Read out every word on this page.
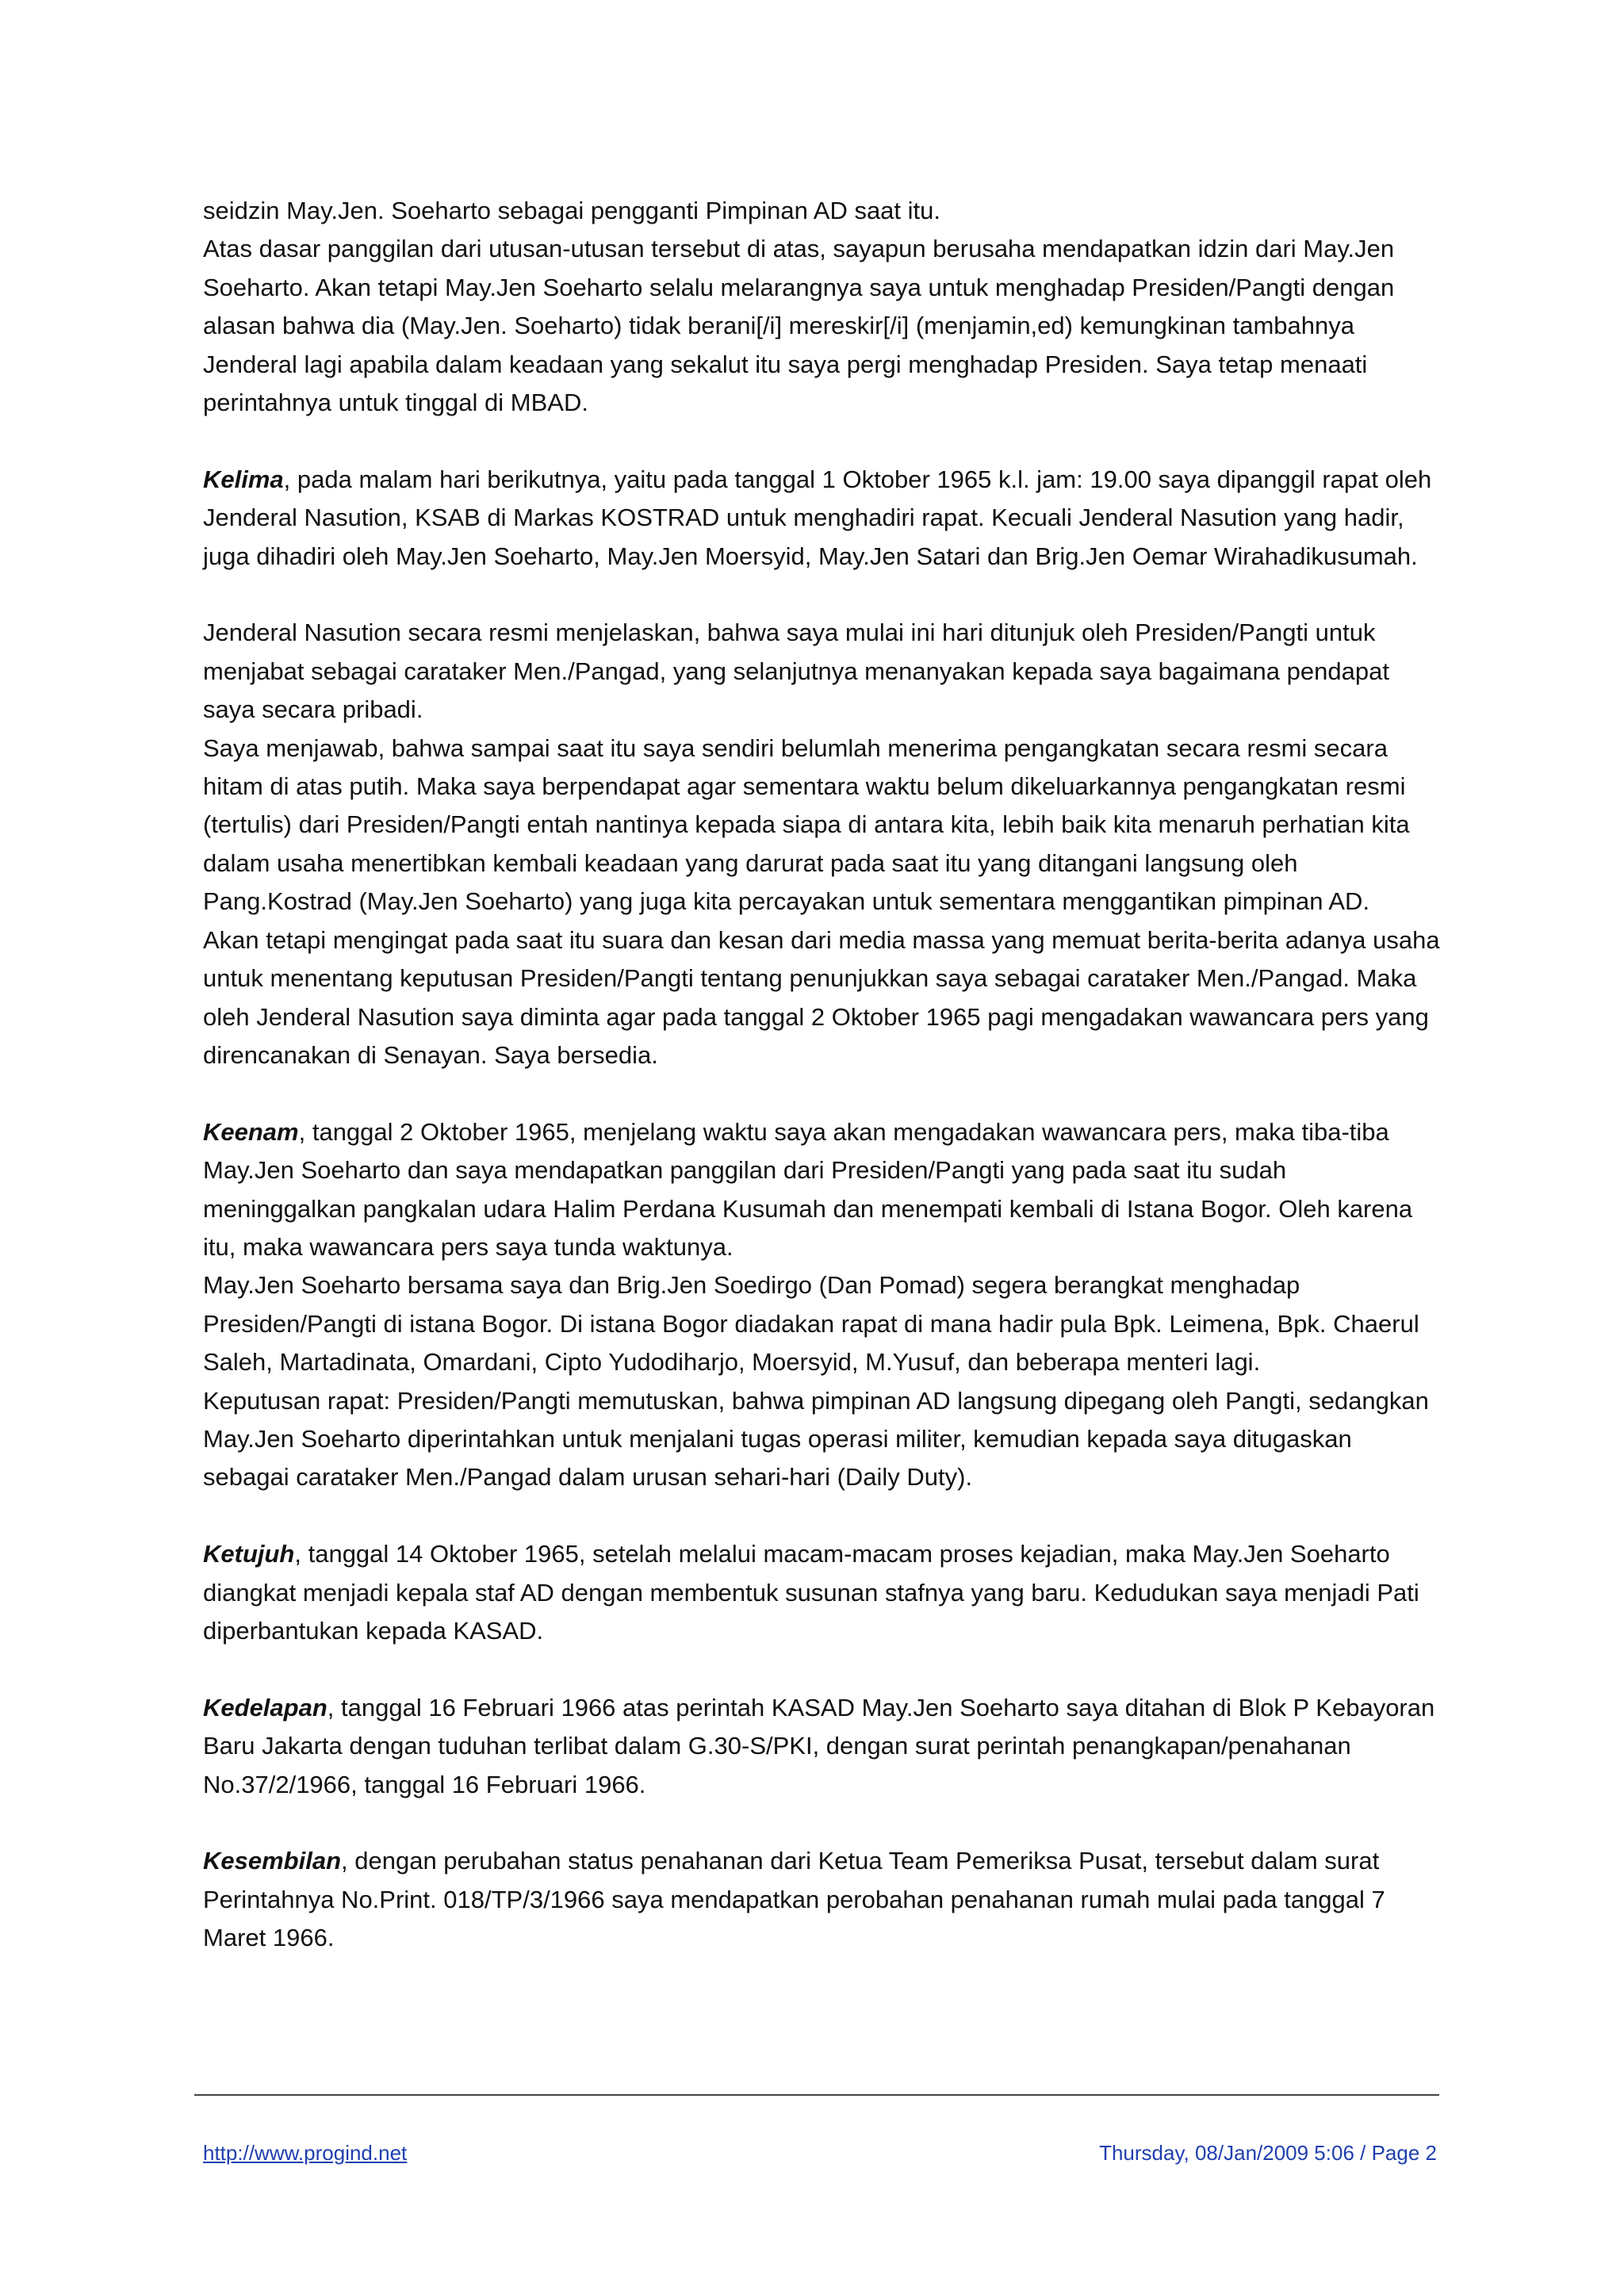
seidzin May.Jen. Soeharto sebagai pengganti Pimpinan AD saat itu.

Atas dasar panggilan dari utusan-utusan tersebut di atas, sayapun berusaha mendapatkan idzin dari May.Jen Soeharto. Akan tetapi May.Jen Soeharto selalu melarangnya saya untuk menghadap Presiden/Pangti dengan alasan bahwa dia (May.Jen. Soeharto) tidak berani[/i] mereskir[/i] (menjamin,ed) kemungkinan tambahnya Jenderal lagi apabila dalam keadaan yang sekalut itu saya pergi menghadap Presiden. Saya tetap menaati perintahnya untuk tinggal di MBAD.

Kelima, pada malam hari berikutnya, yaitu pada tanggal 1 Oktober 1965 k.l. jam: 19.00 saya dipanggil rapat oleh Jenderal Nasution, KSAB di Markas KOSTRAD untuk menghadiri rapat. Kecuali Jenderal Nasution yang hadir, juga dihadiri oleh May.Jen Soeharto, May.Jen Moersyid, May.Jen Satari dan Brig.Jen Oemar Wirahadikusumah.

Jenderal Nasution secara resmi menjelaskan, bahwa saya mulai ini hari ditunjuk oleh Presiden/Pangti untuk menjabat sebagai carataker Men./Pangad, yang selanjutnya menanyakan kepada saya bagaimana pendapat saya secara pribadi.

Saya menjawab, bahwa sampai saat itu saya sendiri belumlah menerima pengangkatan secara resmi secara hitam di atas putih. Maka saya berpendapat agar sementara waktu belum dikeluarkannya pengangkatan resmi (tertulis) dari Presiden/Pangti entah nantinya kepada siapa di antara kita, lebih baik kita menaruh perhatian kita dalam usaha menertibkan kembali keadaan yang darurat pada saat itu yang ditangani langsung oleh Pang.Kostrad (May.Jen Soeharto) yang juga kita percayakan untuk sementara menggantikan pimpinan AD.

Akan tetapi mengingat pada saat itu suara dan kesan dari media massa yang memuat berita-berita adanya usaha untuk menentang keputusan Presiden/Pangti tentang penunjukkan saya sebagai carataker Men./Pangad. Maka oleh Jenderal Nasution saya diminta agar pada tanggal 2 Oktober 1965 pagi mengadakan wawancara pers yang direncanakan di Senayan. Saya bersedia.

Keenam, tanggal 2 Oktober 1965, menjelang waktu saya akan mengadakan wawancara pers, maka tiba-tiba May.Jen Soeharto dan saya mendapatkan panggilan dari Presiden/Pangti yang pada saat itu sudah meninggalkan pangkalan udara Halim Perdana Kusumah dan menempati kembali di Istana Bogor. Oleh karena itu, maka wawancara pers saya tunda waktunya.

May.Jen Soeharto bersama saya dan Brig.Jen Soedirgo (Dan Pomad) segera berangkat menghadap Presiden/Pangti di istana Bogor. Di istana Bogor diadakan rapat di mana hadir pula Bpk. Leimena, Bpk. Chaerul Saleh, Martadinata, Omardani, Cipto Yudodiharjo, Moersyid, M.Yusuf, dan beberapa menteri lagi.

Keputusan rapat: Presiden/Pangti memutuskan, bahwa pimpinan AD langsung dipegang oleh Pangti, sedangkan May.Jen Soeharto diperintahkan untuk menjalani tugas operasi militer, kemudian kepada saya ditugaskan sebagai carataker Men./Pangad dalam urusan sehari-hari (Daily Duty).

Ketujuh, tanggal 14 Oktober 1965, setelah melalui macam-macam proses kejadian, maka May.Jen Soeharto diangkat menjadi kepala staf AD dengan membentuk susunan stafnya yang baru. Kedudukan saya menjadi Pati diperbantukan kepada KASAD.

Kedelapan, tanggal 16 Februari 1966 atas perintah KASAD May.Jen Soeharto saya ditahan di Blok P Kebayoran Baru Jakarta dengan tuduhan terlibat dalam G.30-S/PKI, dengan surat perintah penangkapan/penahanan No.37/2/1966, tanggal 16 Februari 1966.

Kesembilan, dengan perubahan status penahanan dari Ketua Team Pemeriksa Pusat, tersebut dalam surat Perintahnya No.Print. 018/TP/3/1966 saya mendapatkan perobahan penahanan rumah mulai pada tanggal 7 Maret 1966.

http://www.progind.net	Thursday, 08/Jan/2009 5:06 / Page 2
